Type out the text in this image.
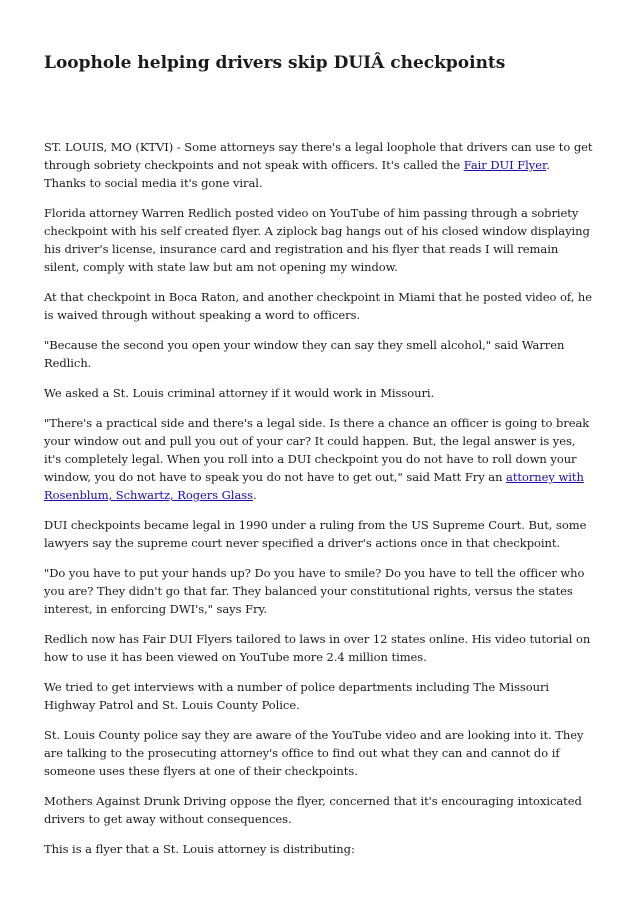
Loophole helping drivers skip DUIÂ checkpoints

ST. LOUIS, MO (KTVI) - Some attorneys say there's a legal loophole that drivers can use to get through sobriety checkpoints and not speak with officers. It's called the Fair DUI Flyer. Thanks to social media it's gone viral.

Florida attorney Warren Redlich posted video on YouTube of him passing through a sobriety checkpoint with his self created flyer. A ziplock bag hangs out of his closed window displaying his driver's license, insurance card and registration and his flyer that reads I will remain silent, comply with state law but am not opening my window.

At that checkpoint in Boca Raton, and another checkpoint in Miami that he posted video of, he is waived through without speaking a word to officers.

"Because the second you open your window they can say they smell alcohol," said Warren Redlich.

We asked a St. Louis criminal attorney if it would work in Missouri.

"There's a practical side and there's a legal side. Is there a chance an officer is going to break your window out and pull you out of your car? It could happen. But, the legal answer is yes, it's completely legal. When you roll into a DUI checkpoint you do not have to roll down your window, you do not have to speak you do not have to get out," said Matt Fry an attorney with Rosenblum, Schwartz, Rogers Glass.

DUI checkpoints became legal in 1990 under a ruling from the US Supreme Court. But, some lawyers say the supreme court never specified a driver's actions once in that checkpoint.

"Do you have to put your hands up? Do you have to smile? Do you have to tell the officer who you are? They didn't go that far. They balanced your constitutional rights, versus the states interest, in enforcing DWI's," says Fry.

Redlich now has Fair DUI Flyers tailored to laws in over 12 states online. His video tutorial on how to use it has been viewed on YouTube more 2.4 million times.

We tried to get interviews with a number of police departments including The Missouri Highway Patrol and St. Louis County Police.

St. Louis County police say they are aware of the YouTube video and are looking into it. They are talking to the prosecuting attorney's office to find out what they can and cannot do if someone uses these flyers at one of their checkpoints.

Mothers Against Drunk Driving oppose the flyer, concerned that it's encouraging intoxicated drivers to get away without consequences.

This is a flyer that a St. Louis attorney is distributing:
